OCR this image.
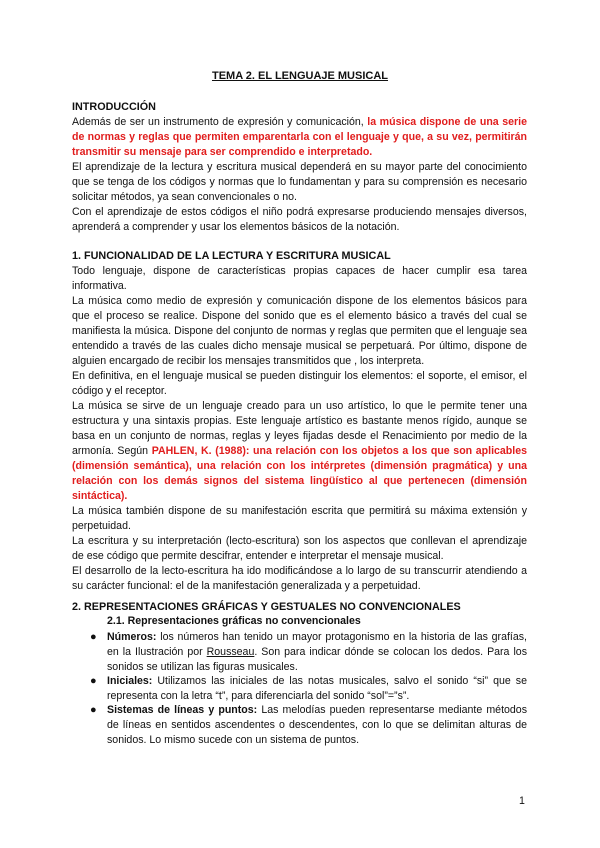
TEMA 2. EL LENGUAJE MUSICAL
INTRODUCCIÓN
Además de ser un instrumento de expresión y comunicación, la música dispone de una serie de normas y reglas que permiten emparentarla con el lenguaje y que, a su vez, permitirán transmitir su mensaje para ser comprendido e interpretado.
El aprendizaje de la lectura y escritura musical dependerá en su mayor parte del conocimiento que se tenga de los códigos y normas que lo fundamentan y para su comprensión es necesario solicitar métodos, ya sean convencionales o no.
Con el aprendizaje de estos códigos el niño podrá expresarse produciendo mensajes diversos, aprenderá a comprender y usar los elementos básicos de la notación.
1. FUNCIONALIDAD DE LA LECTURA Y ESCRITURA MUSICAL
Todo lenguaje, dispone de características propias capaces de hacer cumplir esa tarea informativa.
La música como medio de expresión y comunicación dispone de los elementos básicos para que el proceso se realice. Dispone del sonido que es el elemento básico a través del cual se manifiesta la música. Dispone del conjunto de normas y reglas que permiten que el lenguaje sea entendido a través de las cuales dicho mensaje musical se perpetuará. Por último, dispone de alguien encargado de recibir los mensajes transmitidos que , los interpreta.
En definitiva, en el lenguaje musical se pueden distinguir los elementos: el soporte, el emisor, el código y el receptor.
La música se sirve de un lenguaje creado para un uso artístico, lo que le permite tener una estructura y una sintaxis propias. Este lenguaje artístico es bastante menos rígido, aunque se basa en un conjunto de normas, reglas y leyes fijadas desde el Renacimiento por medio de la armonía. Según PAHLEN, K. (1988): una relación con los objetos a los que son aplicables (dimensión semántica), una relación con los intérpretes (dimensión pragmática) y una relación con los demás signos del sistema lingüístico al que pertenecen (dimensión sintáctica).
La música también dispone de su manifestación escrita que permitirá su máxima extensión y perpetuidad.
La escritura y su interpretación (lecto-escritura) son los aspectos que conllevan el aprendizaje de ese código que permite descifrar, entender e interpretar el mensaje musical.
El desarrollo de la lecto-escritura ha ido modificándose a lo largo de su transcurrir atendiendo a su carácter funcional: el de la manifestación generalizada y a perpetuidad.
2. REPRESENTACIONES GRÁFICAS Y GESTUALES NO CONVENCIONALES
2.1. Representaciones gráficas no convencionales
● Números: los números han tenido un mayor protagonismo en la historia de las grafías, en la Ilustración por Rousseau. Son para indicar dónde se colocan los dedos. Para los sonidos se utilizan las figuras musicales.
● Iniciales: Utilizamos las iniciales de las notas musicales, salvo el sonido “si” que se representa con la letra “t”, para diferenciarla del sonido “sol”=”s”.
● Sistemas de líneas y puntos: Las melodías pueden representarse mediante métodos de líneas en sentidos ascendentes o descendentes, con lo que se delimitan alturas de sonidos. Lo mismo sucede con un sistema de puntos.
1
